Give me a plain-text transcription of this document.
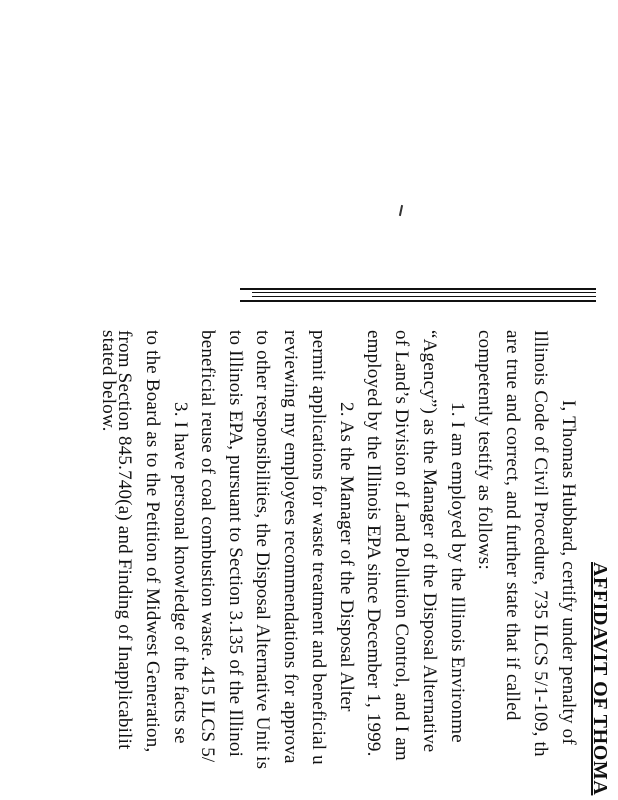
AFFIDAVIT OF THOMA
I, Thomas Hubbard, certify under penalty of
Illinois Code of Civil Procedure, 735 ILCS 5/1-109, th
are true and correct, and further state that if called
competently testify as follows:
1. I am employed by the Illinois Environme
“Agency”) as the Manager of the Disposal Alternative
of Land’s Division of Land Pollution Control, and I am
employed by the Illinois EPA since December 1, 1999.
2. As the Manager of the Disposal Alter
permit applications for waste treatment and beneficial u
reviewing my employees recommendations for approva
to other responsibilities, the Disposal Alternative Unit is
to Illinois EPA, pursuant to Section 3.135 of the Illinoi
beneficial reuse of coal combustion waste. 415 ILCS 5/
3. I have personal knowledge of the facts se
to the Board as to the Petition of Midwest Generation,
from Section 845.740(a) and Finding of Inapplicabilit
stated below.
